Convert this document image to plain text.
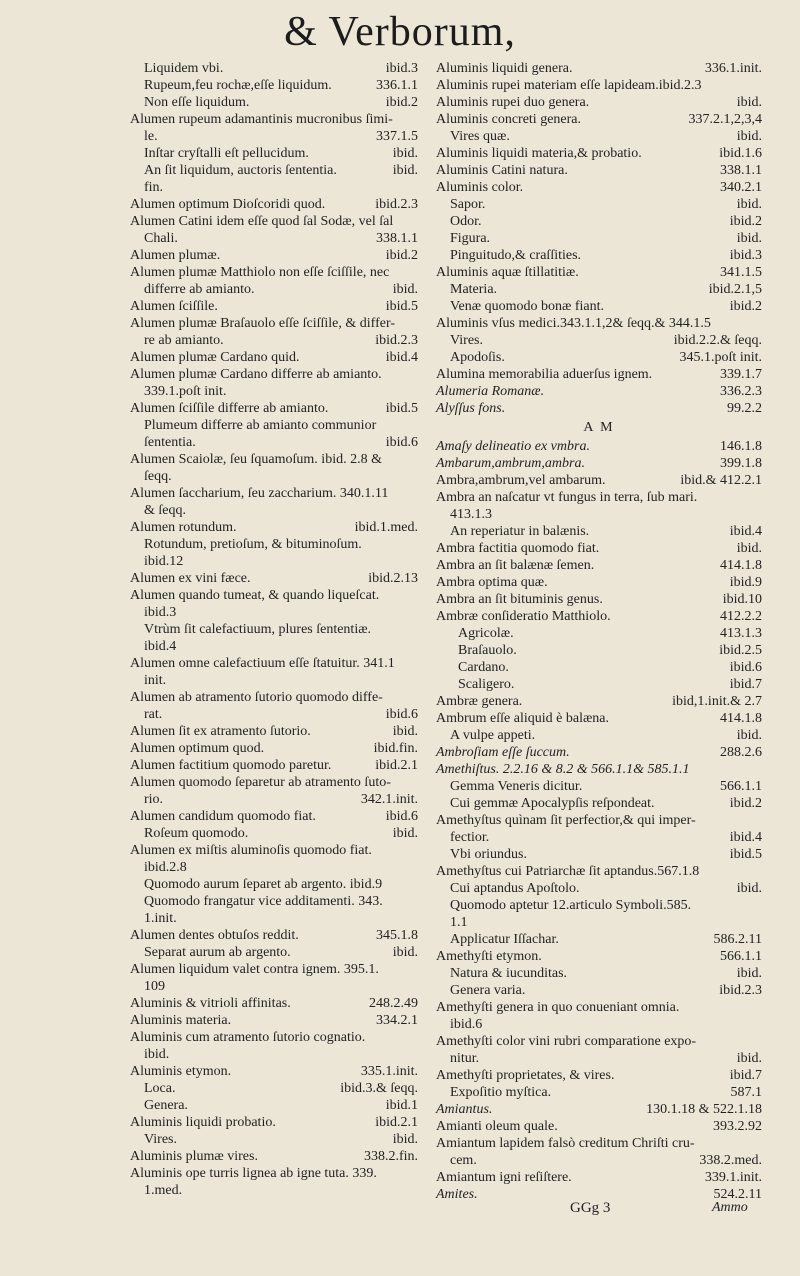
& Verborum,
ibid.3
Liquidem vbi.
336.1.1
Rupeum,feu rochæ,eſſe liquidum.
ibid.2
Non eſſe liquidum.
Alumen rupeum adamantinis mucronibus ſimi-
337.1.5
le.
ibid.
Inſtar cryſtalli eſt pellucidum.
ibid.
An ſit liquidum, auctoris ſententia.
fin.
ibid.2.3
Alumen optimum Dioſcoridi quod.
Alumen Catini idem eſſe quod ſal Sodæ, vel ſal
338.1.1
Chali.
ibid.2
Alumen plumæ.
Alumen plumæ Matthiolo non eſſe ſciſſile, nec
ibid.
differre ab amianto.
ibid.5
Alumen ſciſſile.
Alumen plumæ Braſauolo eſſe ſciſſile, & differ-
ibid.2.3
re ab amianto.
ibid.4
Alumen plumæ Cardano quid.
Alumen plumæ Cardano differre ab amianto.
339.1.poſt init.
ibid.5
Alumen ſciſſile differre ab amianto.
Plumeum differre ab amianto communior
ibid.6
ſententia.
Alumen Scaiolæ, ſeu ſquamoſum. ibid. 2.8 &
ſeqq.
Alumen ſaccharium, ſeu zaccharium. 340.1.11
& ſeqq.
ibid.1.med.
Alumen rotundum.
Rotundum, pretioſum, & bituminoſum.
ibid.12
ibid.2.13
Alumen ex vini fæce.
Alumen quando tumeat, & quando liqueſcat.
ibid.3
Vtrùm ſit calefactiuum, plures ſententiæ.
ibid.4
Alumen omne calefactiuum eſſe ſtatuitur. 341.1
init.
Alumen ab atramento ſutorio quomodo diffe-
ibid.6
rat.
ibid.
Alumen ſit ex atramento ſutorio.
ibid.fin.
Alumen optimum quod.
ibid.2.1
Alumen factitium quomodo paretur.
Alumen quomodo ſeparetur ab atramento ſuto-
342.1.init.
rio.
ibid.6
Alumen candidum quomodo fiat.
ibid.
Roſeum quomodo.
Alumen ex miſtis aluminoſis quomodo fiat.
ibid.2.8
Quomodo aurum ſeparet ab argento. ibid.9
Quomodo frangatur vice additamenti. 343.
1.init.
345.1.8
Alumen dentes obtuſos reddit.
ibid.
Separat aurum ab argento.
Alumen liquidum valet contra ignem. 395.1.
109
248.2.49
Aluminis & vitrioli affinitas.
334.2.1
Aluminis materia.
Aluminis cum atramento ſutorio cognatio.
ibid.
335.1.init.
Aluminis etymon.
ibid.3.& ſeqq.
Loca.
ibid.1
Genera.
ibid.2.1
Aluminis liquidi probatio.
ibid.
Vires.
338.2.fin.
Aluminis plumæ vires.
Aluminis ope turris lignea ab igne tuta. 339.
1.med.
336.1.init.
Aluminis liquidi genera.
Aluminis rupei materiam eſſe lapideam.ibid.2.3
ibid.
Aluminis rupei duo genera.
337.2.1,2,3,4
Aluminis concreti genera.
ibid.
Vires quæ.
ibid.1.6
Aluminis liquidi materia,& probatio.
338.1.1
Aluminis Catini natura.
340.2.1
Aluminis color.
ibid.
Sapor.
ibid.2
Odor.
ibid.
Figura.
ibid.3
Pinguitudo,& craſſities.
341.1.5
Aluminis aquæ ſtillatitiæ.
ibid.2.1,5
Materia.
ibid.2
Venæ quomodo bonæ fiant.
Aluminis vſus medici.343.1.1,2& ſeqq.& 344.1.5
ibid.2.2.& ſeqq.
Vires.
345.1.poſt init.
Apodoſis.
339.1.7
Alumina memorabilia aduerſus ignem.
336.2.3
Alumeria Romanæ.
99.2.2
Alyſſus fons.
A M
146.1.8
Amaſy delineatio ex vmbra.
399.1.8
Ambarum,ambrum,ambra.
ibid.& 412.2.1
Ambra,ambrum,vel ambarum.
Ambra an naſcatur vt fungus in terra, ſub mari.
413.1.3
ibid.4
An reperiatur in balænis.
ibid.
Ambra factitia quomodo fiat.
414.1.8
Ambra an ſit balænæ ſemen.
ibid.9
Ambra optima quæ.
ibid.10
Ambra an ſit bituminis genus.
412.2.2
Ambræ conſideratio Matthiolo.
413.1.3
Agricolæ.
ibid.2.5
Braſauolo.
ibid.6
Cardano.
ibid.7
Scaligero.
ibid,1.init.& 2.7
Ambræ genera.
414.1.8
Ambrum eſſe aliquid è balæna.
ibid.
A vulpe appeti.
288.2.6
Ambroſiam eſſe ſuccum.
Amethiſtus. 2.2.16 & 8.2 & 566.1.1& 585.1.1
566.1.1
Gemma Veneris dicitur.
ibid.2
Cui gemmæ Apocalypſis reſpondeat.
Amethyſtus quìnam ſit perfectior,& qui imper-
ibid.4
fectior.
ibid.5
Vbi oriundus.
Amethyſtus cui Patriarchæ ſit aptandus.567.1.8
ibid.
Cui aptandus Apoſtolo.
Quomodo aptetur 12.articulo Symboli.585.
1.1
586.2.11
Applicatur Iſſachar.
566.1.1
Amethyſti etymon.
ibid.
Natura & iucunditas.
ibid.2.3
Genera varia.
Amethyſti genera in quo conueniant omnia.
ibid.6
Amethyſti color vini rubri comparatione expo-
ibid.
nitur.
ibid.7
Amethyſti proprietates, & vires.
587.1
Expoſitio myſtica.
130.1.18 & 522.1.18
Amiantus.
393.2.92
Amianti oleum quale.
Amiantum lapidem falsò creditum Chriſti cru-
338.2.med.
cem.
339.1.init.
Amiantum igni reſiſtere.
524.2.11
Amites.
GGg 3	Ammo
